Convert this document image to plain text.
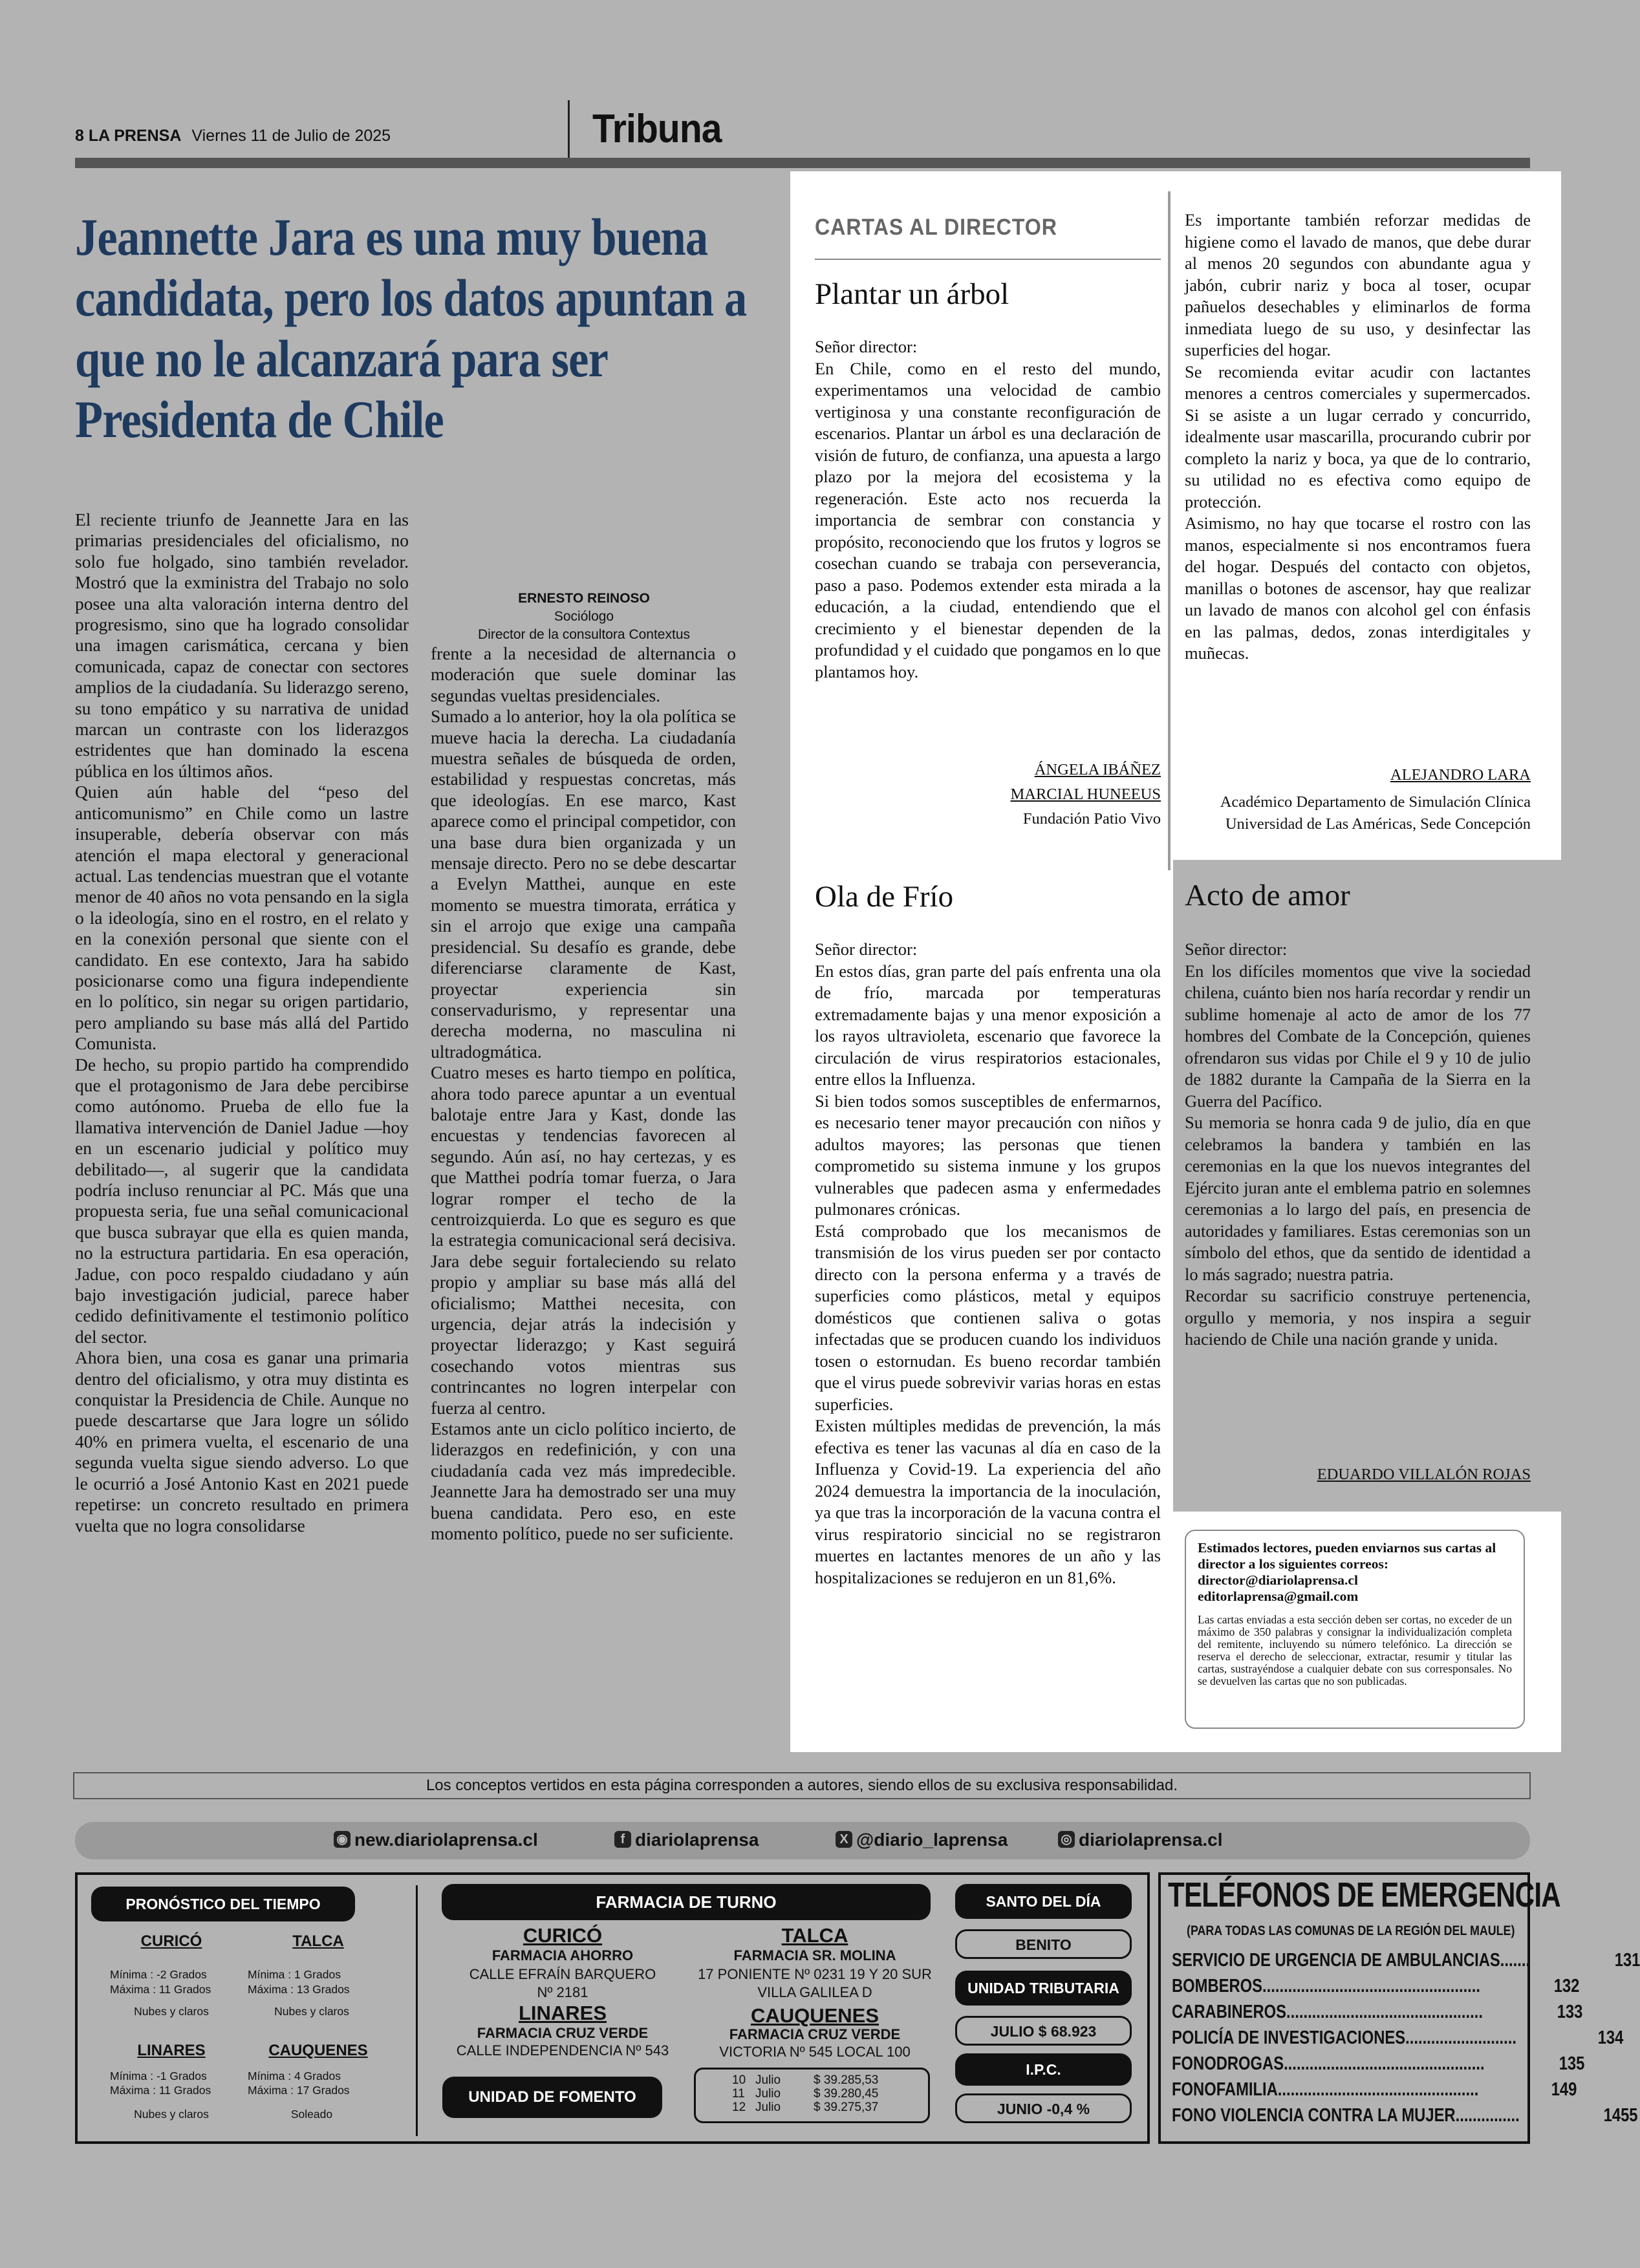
8 LA PRENSA Viernes 11 de Julio de 2025	Tribuna
Jeannette Jara es una muy buena candidata, pero los datos apuntan a que no le alcanzará para ser Presidenta de Chile
ERNESTO REINOSO
Sociólogo
Director de la consultora Contextus

El reciente triunfo de Jeannette Jara en las primarias presidenciales del oficialismo, no solo fue holgado, sino también revelador. Mostró que la exministra del Trabajo no solo posee una alta valoración interna dentro del progresismo, sino que ha logrado consolidar una imagen carismática, cercana y bien comunicada, capaz de conectar con sectores amplios de la ciudadanía. Su liderazgo sereno, su tono empático y su narrativa de unidad marcan un contraste con los liderazgos estridentes que han dominado la escena pública en los últimos años.

Quien aún hable del “peso del anticomunismo” en Chile como un lastre insuperable, debería observar con más atención el mapa electoral y generacional actual. Las tendencias muestran que el votante menor de 40 años no vota pensando en la sigla o la ideología, sino en el rostro, en el relato y en la conexión personal que siente con el candidato. En ese contexto, Jara ha sabido posicionarse como una figura independiente en lo político, sin negar su origen partidario, pero ampliando su base más allá del Partido Comunista.

De hecho, su propio partido ha comprendido que el protagonismo de Jara debe percibirse como autónomo. Prueba de ello fue la llamativa intervención de Daniel Jadue —hoy en un escenario judicial y político muy debilitado—, al sugerir que la candidata podría incluso renunciar al PC. Más que una propuesta seria, fue una señal comunicacional que busca subrayar que ella es quien manda, no la estructura partidaria. En esa operación, Jadue, con poco respaldo ciudadano y aún bajo investigación judicial, parece haber cedido definitivamente el testimonio político del sector.

Ahora bien, una cosa es ganar una primaria dentro del oficialismo, y otra muy distinta es conquistar la Presidencia de Chile. Aunque no puede descartarse que Jara logre un sólido 40% en primera vuelta, el escenario de una segunda vuelta sigue siendo adverso. Lo que le ocurrió a José Antonio Kast en 2021 puede repetirse: un concreto resultado en primera vuelta que no logra consolidarse

frente a la necesidad de alternancia o moderación que suele dominar las segundas vueltas presidenciales.

Sumado a lo anterior, hoy la ola política se mueve hacia la derecha. La ciudadanía muestra señales de búsqueda de orden, estabilidad y respuestas concretas, más que ideologías. En ese marco, Kast aparece como el principal competidor, con una base dura bien organizada y un mensaje directo. Pero no se debe descartar a Evelyn Matthei, aunque en este momento se muestra timorata, errática y sin el arrojo que exige una campaña presidencial. Su desafío es grande, debe diferenciarse claramente de Kast, proyectar experiencia sin conservadurismo, y representar una derecha moderna, no masculina ni ultradogmática.

Cuatro meses es harto tiempo en política, ahora todo parece apuntar a un eventual balotaje entre Jara y Kast, donde las encuestas y tendencias favorecen al segundo. Aún así, no hay certezas, y es que Matthei podría tomar fuerza, o Jara lograr romper el techo de la centroizquierda. Lo que es seguro es que la estrategia comunicacional será decisiva. Jara debe seguir fortaleciendo su relato propio y ampliar su base más allá del oficialismo; Matthei necesita, con urgencia, dejar atrás la indecisión y proyectar liderazgo; y Kast seguirá cosechando votos mientras sus contrincantes no logren interpelar con fuerza al centro.

Estamos ante un ciclo político incierto, de liderazgos en redefinición, y con una ciudadanía cada vez más impredecible. Jeannette Jara ha demostrado ser una muy buena candidata. Pero eso, en este momento político, puede no ser suficiente.

CARTAS AL DIRECTOR
Plantar un árbol

Señor director:

En Chile, como en el resto del mundo, experimentamos una velocidad de cambio vertiginosa y una constante reconfiguración de escenarios. Plantar un árbol es una declaración de visión de futuro, de confianza, una apuesta a largo plazo por la mejora del ecosistema y la regeneración. Este acto nos recuerda la importancia de sembrar con constancia y propósito, reconociendo que los frutos y logros se cosechan cuando se trabaja con perseverancia, paso a paso. Podemos extender esta mirada a la educación, a la ciudad, entendiendo que el crecimiento y el bienestar dependen de la profundidad y el cuidado que pongamos en lo que plantamos hoy.

ÁNGELA IBÁÑEZ
MARCIAL HUNEEUS
Fundación Patio Vivo

Es importante también reforzar medidas de higiene como el lavado de manos, que debe durar al menos 20 segundos con abundante agua y jabón, cubrir nariz y boca al toser, ocupar pañuelos desechables y eliminarlos de forma inmediata luego de su uso, y desinfectar las superficies del hogar.

Se recomienda evitar acudir con lactantes menores a centros comerciales y supermercados. Si se asiste a un lugar cerrado y concurrido, idealmente usar mascarilla, procurando cubrir por completo la nariz y boca, ya que de lo contrario, su utilidad no es efectiva como equipo de protección.

Asimismo, no hay que tocarse el rostro con las manos, especialmente si nos encontramos fuera del hogar. Después del contacto con objetos, manillas o botones de ascensor, hay que realizar un lavado de manos con alcohol gel con énfasis en las palmas, dedos, zonas interdigitales y muñecas.

ALEJANDRO LARA
Académico Departamento de Simulación Clínica
Universidad de Las Américas, Sede Concepción
Ola de Frío

Señor director:

En estos días, gran parte del país enfrenta una ola de frío, marcada por temperaturas extremadamente bajas y una menor exposición a los rayos ultravioleta, escenario que favorece la circulación de virus respiratorios estacionales, entre ellos la Influenza.

Si bien todos somos susceptibles de enfermarnos, es necesario tener mayor precaución con niños y adultos mayores; las personas que tienen comprometido su sistema inmune y los grupos vulnerables que padecen asma y enfermedades pulmonares crónicas.

Está comprobado que los mecanismos de transmisión de los virus pueden ser por contacto directo con la persona enferma y a través de superficies como plásticos, metal y equipos domésticos que contienen saliva o gotas infectadas que se producen cuando los individuos tosen o estornudan. Es bueno recordar también que el virus puede sobrevivir varias horas en estas superficies.

Existen múltiples medidas de prevención, la más efectiva es tener las vacunas al día en caso de la Influenza y Covid-19. La experiencia del año 2024 demuestra la importancia de la inoculación, ya que tras la incorporación de la vacuna contra el virus respiratorio sincicial no se registraron muertes en lactantes menores de un año y las hospitalizaciones se redujeron en un 81,6%.

Acto de amor

Señor director:

En los difíciles momentos que vive la sociedad chilena, cuánto bien nos haría recordar y rendir un sublime homenaje al acto de amor de los 77 hombres del Combate de la Concepción, quienes ofrendaron sus vidas por Chile el 9 y 10 de julio de 1882 durante la Campaña de la Sierra en la Guerra del Pacífico.

Su memoria se honra cada 9 de julio, día en que celebramos la bandera y también en las ceremonias en la que los nuevos integrantes del Ejército juran ante el emblema patrio en solemnes ceremonias a lo largo del país, en presencia de autoridades y familiares. Estas ceremonias son un símbolo del ethos, que da sentido de identidad a lo más sagrado; nuestra patria.

Recordar su sacrificio construye pertenencia, orgullo y memoria, y nos inspira a seguir haciendo de Chile una nación grande y unida.

EDUARDO VILLALÓN ROJAS
Estimados lectores, pueden enviarnos sus cartas al director a los siguientes correos:
director@diariolaprensa.cl
editorlaprensa@gmail.com
Las cartas enviadas a esta sección deben ser cortas, no exceder de un máximo de 350 palabras y consignar la individualización completa del remitente, incluyendo su número telefónico. La dirección se reserva el derecho de seleccionar, extractar, resumir y titular las cartas, sustrayéndose a cualquier debate con sus corresponsales. No se devuelven las cartas que no son publicadas.
Los conceptos vertidos en esta página corresponden a autores, siendo ellos de su exclusiva responsabilidad.
◉ new.diariolaprensa.cl	f diariolaprensa	X @diario_laprensa	◎ diariolaprensa.cl
PRONÓSTICO DEL TIEMPO
CURICÓ
Mínima : -2 Grados
Máxima : 11 Grados
Nubes y claros
TALCA
Mínima : 1 Grados
Máxima : 13 Grados
Nubes y claros
LINARES
Mínima : -1 Grados
Máxima : 11 Grados
Nubes y claros
CAUQUENES
Mínima : 4 Grados
Máxima : 17 Grados
Soleado
FARMACIA DE TURNO
CURICÓ
FARMACIA AHORRO
CALLE EFRAÍN BARQUERO
Nº 2181
TALCA
FARMACIA SR. MOLINA
17 PONIENTE Nº 0231 19 Y 20 SUR
VILLA GALILEA D
LINARES
FARMACIA CRUZ VERDE
CALLE INDEPENDENCIA Nº 543
CAUQUENES
FARMACIA CRUZ VERDE
VICTORIA Nº 545 LOCAL 100
UNIDAD DE FOMENTO
10 Julio	$ 39.285,53
11 Julio	$ 39.280,45
12 Julio	$ 39.275,37
SANTO DEL DÍA
BENITO
UNIDAD TRIBUTARIA
JULIO $ 68.923
I.P.C.
JUNIO -0,4 %
TELÉFONOS DE EMERGENCIA
(PARA TODAS LAS COMUNAS DE LA REGIÓN DEL MAULE)
SERVICIO DE URGENCIA DE AMBULANCIAS.......	131
BOMBEROS...................................................	132
CARABINEROS..............................................	133
POLICÍA DE INVESTIGACIONES..........................	134
FONODROGAS...............................................	135
FONOFAMILIA...............................................	149
FONO VIOLENCIA CONTRA LA MUJER...............	1455
